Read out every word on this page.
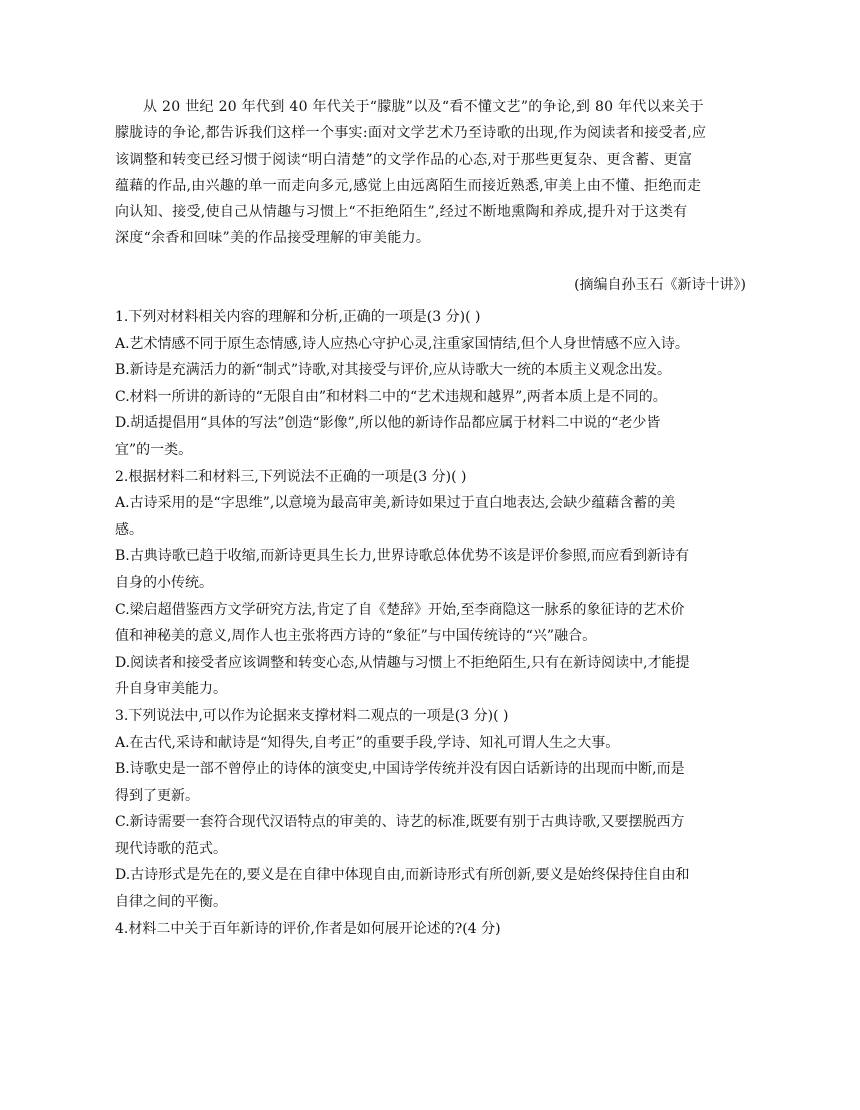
从 20 世纪 20 年代到 40 年代关于“朦胧”以及“看不懂文艺”的争论,到 80 年代以来关于
朦胧诗的争论,都告诉我们这样一个事实:面对文学艺术乃至诗歌的出现,作为阅读者和接受者,应
该调整和转变已经习惯于阅读“明白清楚”的文学作品的心态,对于那些更复杂、更含蓄、更富
蕴藉的作品,由兴趣的单一而走向多元,感觉上由远离陌生而接近熟悉,审美上由不懂、拒绝而走
向认知、接受,使自己从情趣与习惯上“不拒绝陌生”,经过不断地熏陶和养成,提升对于这类有
深度“余香和回味”美的作品接受理解的审美能力。
(摘编自孙玉石《新诗十讲》)
1.下列对材料相关内容的理解和分析,正确的一项是(3 分)( )
A.艺术情感不同于原生态情感,诗人应热心守护心灵,注重家国情结,但个人身世情感不应入诗。
B.新诗是充满活力的新“制式”诗歌,对其接受与评价,应从诗歌大一统的本质主义观念出发。
C.材料一所讲的新诗的“无限自由”和材料二中的“艺术违规和越界”,两者本质上是不同的。
D.胡适提倡用“具体的写法”创造“影像”,所以他的新诗作品都应属于材料二中说的“老少皆
宜”的一类。
2.根据材料二和材料三,下列说法不正确的一项是(3 分)( )
A.古诗采用的是“字思维”,以意境为最高审美,新诗如果过于直白地表达,会缺少蕴藉含蓄的美
感。
B.古典诗歌已趋于收缩,而新诗更具生长力,世界诗歌总体优势不该是评价参照,而应看到新诗有
自身的小传统。
C.梁启超借鉴西方文学研究方法,肯定了自《楚辞》开始,至李商隐这一脉系的象征诗的艺术价
值和神秘美的意义,周作人也主张将西方诗的“象征”与中国传统诗的“兴”融合。
D.阅读者和接受者应该调整和转变心态,从情趣与习惯上不拒绝陌生,只有在新诗阅读中,才能提
升自身审美能力。
3.下列说法中,可以作为论据来支撑材料二观点的一项是(3 分)( )
A.在古代,采诗和献诗是“知得失,自考正”的重要手段,学诗、知礼可谓人生之大事。
B.诗歌史是一部不曾停止的诗体的演变史,中国诗学传统并没有因白话新诗的出现而中断,而是
得到了更新。
C.新诗需要一套符合现代汉语特点的审美的、诗艺的标准,既要有别于古典诗歌,又要摆脱西方
现代诗歌的范式。
D.古诗形式是先在的,要义是在自律中体现自由,而新诗形式有所创新,要义是始终保持住自由和
自律之间的平衡。
4.材料二中关于百年新诗的评价,作者是如何展开论述的?(4 分)
